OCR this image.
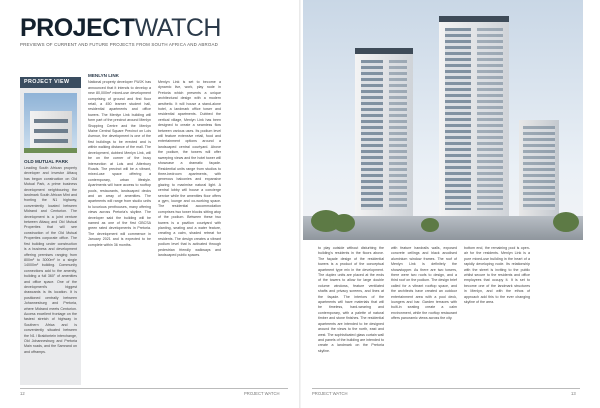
PROJECTWATCH
PREVIEWS OF CURRENT AND FUTURE PROJECTS FROM SOUTH AFRICA AND ABROAD
PROJECT VIEW
OLD MUTUAL PARK
Leading South African property developer and investor Attacq has begun construction on Old Mutual Park, a prime business development neighbouring the landmark South African Mint and fronting the N1 highway, conveniently located between Midrand and Centurion. The development is a joint venture between Attacq and Old Mutual Properties that will see construction of the Old Mutual Properties corporate office. The first building under construction is a business and development offering premises ranging from 800m² to 3000m² in a single 14000m² building. Community connections add to the amenity, building a full 360° of amenities and office space. One of the development's biggest drawcards is its location. It is positioned centrally between Johannesburg and Pretoria, where Midrand meets Centurion. Access excellent frontage on the fastest stretch of highway in Southern Africa and is conveniently situated between the N1 / Brakfontein interchange, Old Johannesburg and Pretoria Main roads, and the Samrand on and offramps.
MENLYN LINK

National property developer FWJK has announced that it intends to develop a new 80,000m² mixed-use development comprising of ground and first floor retail, a 450 learner student hall, residential apartments and office towers. The Menlyn Link building will form part of the precinct around Menlyn Shopping Centre and the Menlyn Maine Central Square Precinct on Lois Avenue, the development is one of the first buildings to be erected and is within walking distance of the mall. The development, dubbed Menlyn Link, will be on the corner of the busy intersection at Lois and Atterbury Roads. The precinct will be a vibrant, mixed-use space offering a contemporary, urban lifestyle. Apartments will have access to rooftop pools, restaurants, landscaped decks and an array of amenities. The apartments will range from studio units to luxurious penthouses, many offering views across Pretoria's skyline. The developer said the building will be named as one of the first GBCSA green rated developments in Pretoria. The development will commence in January 2021 and is expected to be complete within 36 months.

Menlyn Link is set to become a dynamic live, work, play node in Pretoria which presents a unique architectural design with a modern aesthetic. It will house a stand-alone hotel, a landmark office tower and residential apartments. Dubbed the vertical village, Menlyn Link has been designed to create a seamless flow between various uses. Its podium level will feature extensive retail, food and entertainment options around a landscaped central courtyard. Above the podium, the towers will offer sweeping views and the hotel tower will showcase a dramatic façade. Residential units range from studios to three-bedroom apartments, with generous balconies and expansive glazing to maximise natural light. A central lobby will house a concierge service while the amenities floor offers a gym, lounge and co-working space. The residential accommodation comprises two tower blocks sitting atop of the podium. Between these two towers is a pavilion courtyard with planting, seating and a water feature, creating a calm, shaded retreat for residents. The design creates a vibrant podium level that is activated through pedestrian friendly walkways and landscaped public spaces.

to play outside without disturbing the building's residents in the floors above. The façade design of the residential towers is a product of the conceptual apartment type mix in the development. The duplex units are placed at the ends of the towers to allow for large double volume windows, feature ventilated shafts and privacy screens, and lines at the façade. The interiors of the apartments will have materials that will be timeless, hard-wearing and contemporary, with a palette of natural timber and stone finishes. The residential apartments are intended to be designed around the views to the north, east and west. The sophisticated glass curtain wall and panels of the building are intended to create a landmark on the Pretoria skyline.

with feature handrails walls, exposed concrete ceilings and black anodised aluminium window frames. The roof of Menlyn Link is definitely the showstopper. As there are two towers, there were two roofs to design, and a third roof on the podium. The design brief called for a vibrant rooftop space, and the architects have created an outdoor entertainment area with a pool deck, loungers and bar. Garden terraces with built-in seating create a calm environment, while the rooftop restaurant offers panoramic views across the city.

bottom end, the remaining pool is open-air for the residents. Menlyn Link is a pure mixed-use building in the heart of a rapidly developing node. Its relationship with the street is inviting to the public whilst secure to the residents and office employees that occupy it. It is set to become one of the landmark structures in Menlyn, and with the ethos of approach add this to the ever changing skyline of the area.

12	PROJECT WATCH	PROJECT WATCH	13
